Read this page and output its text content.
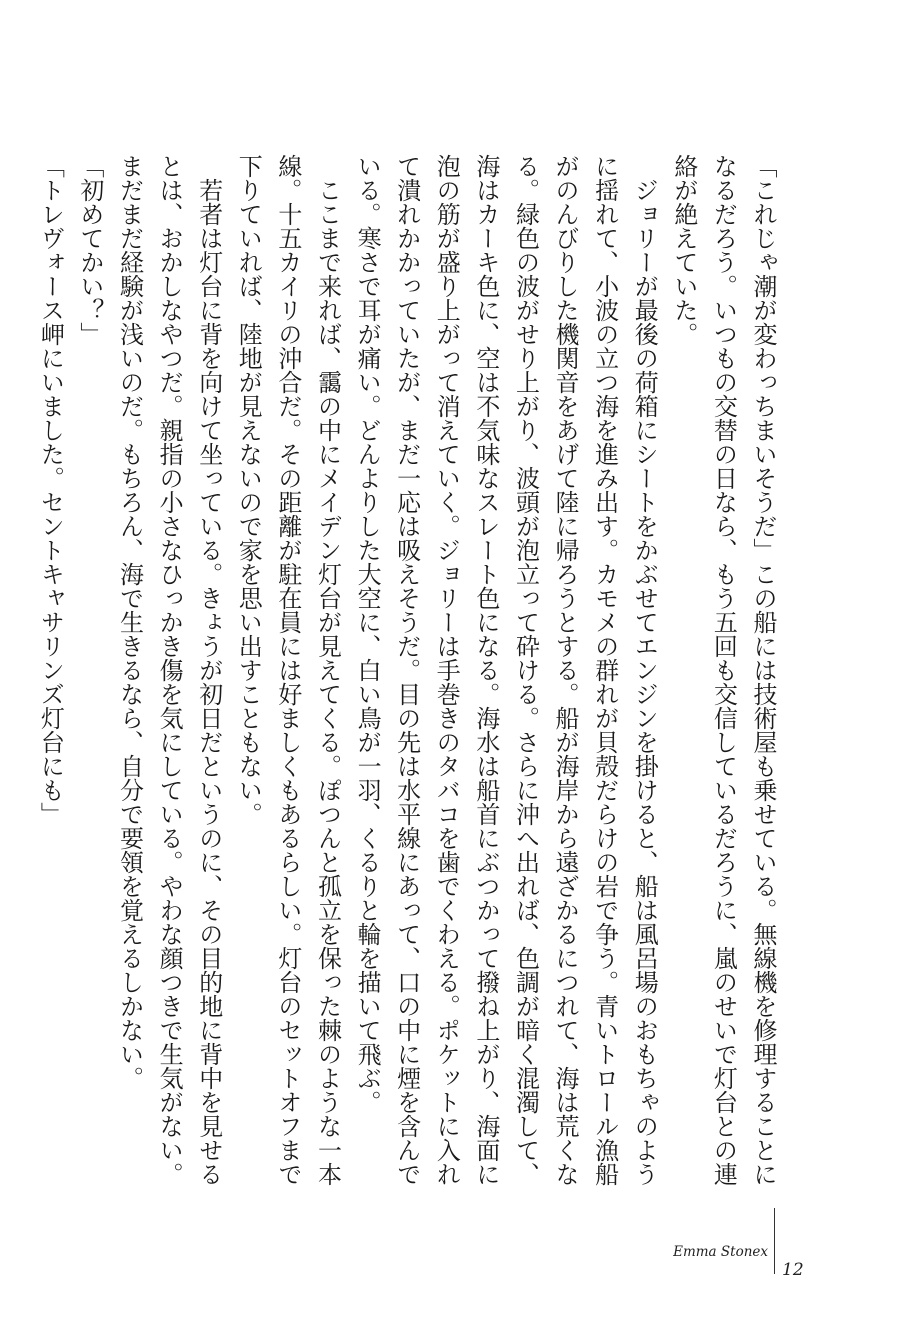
「これじゃ潮が変わっちまいそうだ」この船には技術屋も乗せている。無線機を修理することに

なるだろう。いつもの交替の日なら、もう五回も交信しているだろうに、嵐のせいで灯台との連

絡が絶えていた。

　ジョリーが最後の荷箱にシートをかぶせてエンジンを掛けると、船は風呂場のおもちゃのよう

に揺れて、小波の立つ海を進み出す。カモメの群れが貝殻だらけの岩で争う。青いトロール漁船

がのんびりした機関音をあげて陸に帰ろうとする。船が海岸から遠ざかるにつれて、海は荒くな

る。緑色の波がせり上がり、波頭が泡立って砕ける。さらに沖へ出れば、色調が暗く混濁して、

海はカーキ色に、空は不気味なスレート色になる。海水は船首にぶつかって撥ね上がり、海面に

泡の筋が盛り上がって消えていく。ジョリーは手巻きのタバコを歯でくわえる。ポケットに入れ

て潰れかかっていたが、まだ一応は吸えそうだ。目の先は水平線にあって、口の中に煙を含んで

いる。寒さで耳が痛い。どんよりした大空に、白い鳥が一羽、くるりと輪を描いて飛ぶ。

　ここまで来れば、靄の中にメイデン灯台が見えてくる。ぽつんと孤立を保った棘のような一本

線。十五カイリの沖合だ。その距離が駐在員には好ましくもあるらしい。灯台のセットオフまで

下りていれば、陸地が見えないので家を思い出すこともない。

　若者は灯台に背を向けて坐っている。きょうが初日だというのに、その目的地に背中を見せる

とは、おかしなやつだ。親指の小さなひっかき傷を気にしている。やわな顔つきで生気がない。

まだまだ経験が浅いのだ。もちろん、海で生きるなら、自分で要領を覚えるしかない。

「初めてかい？」

「トレヴォース岬にいました。セントキャサリンズ灯台にも」

Emma Stonex
12
